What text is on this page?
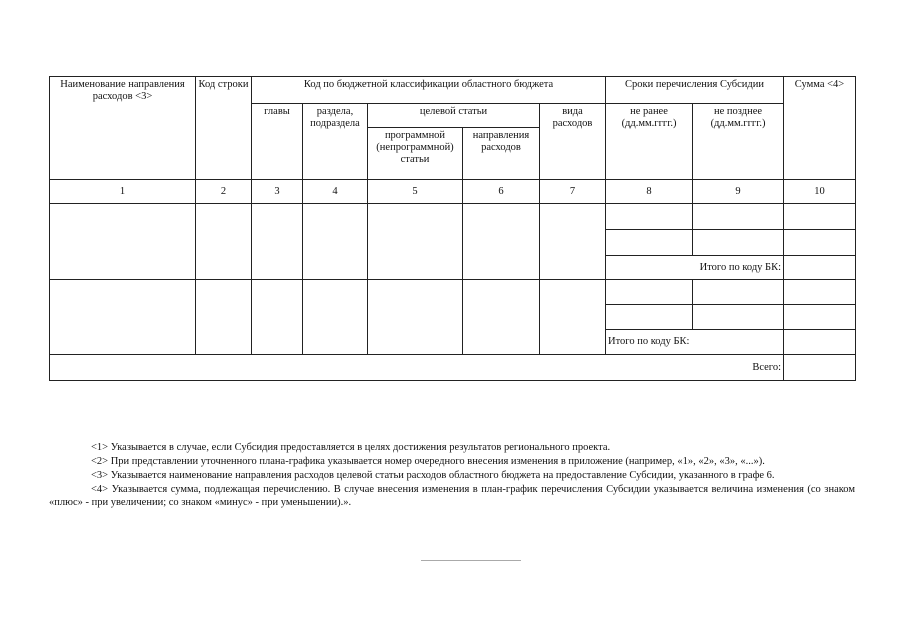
Наименование направления расходов <3>	Код строки	Код по бюджетной классификации областного бюджета					Сроки перечисления Субсидии		Сумма <4>
		главы	раздела, подраздела	целевой статьи		вида расходов	не ранее (дд.мм.гггг.)	не позднее (дд.мм.гггг.)	
				программной (непрограммной) статьи	направления расходов				
1	2	3	4	5	6	7	8	9	10

							Итого по коду БК:		

							Итого по коду БК:		
Всего:									

<1> Указывается в случае, если Субсидия предоставляется в целях достижения результатов регионального проекта.

<2> При представлении уточненного плана-графика указывается номер очередного внесения изменения в приложение (например, «1», «2», «3», «...»).

<3> Указывается наименование направления расходов целевой статьи расходов областного бюджета на предоставление Субсидии, указанного в графе 6.

<4> Указывается сумма, подлежащая перечислению. В случае внесения изменения в план-график перечисления Субсидии указывается величина изменения (со знаком «плюс» - при увеличении; со знаком «минус» - при уменьшении).».
